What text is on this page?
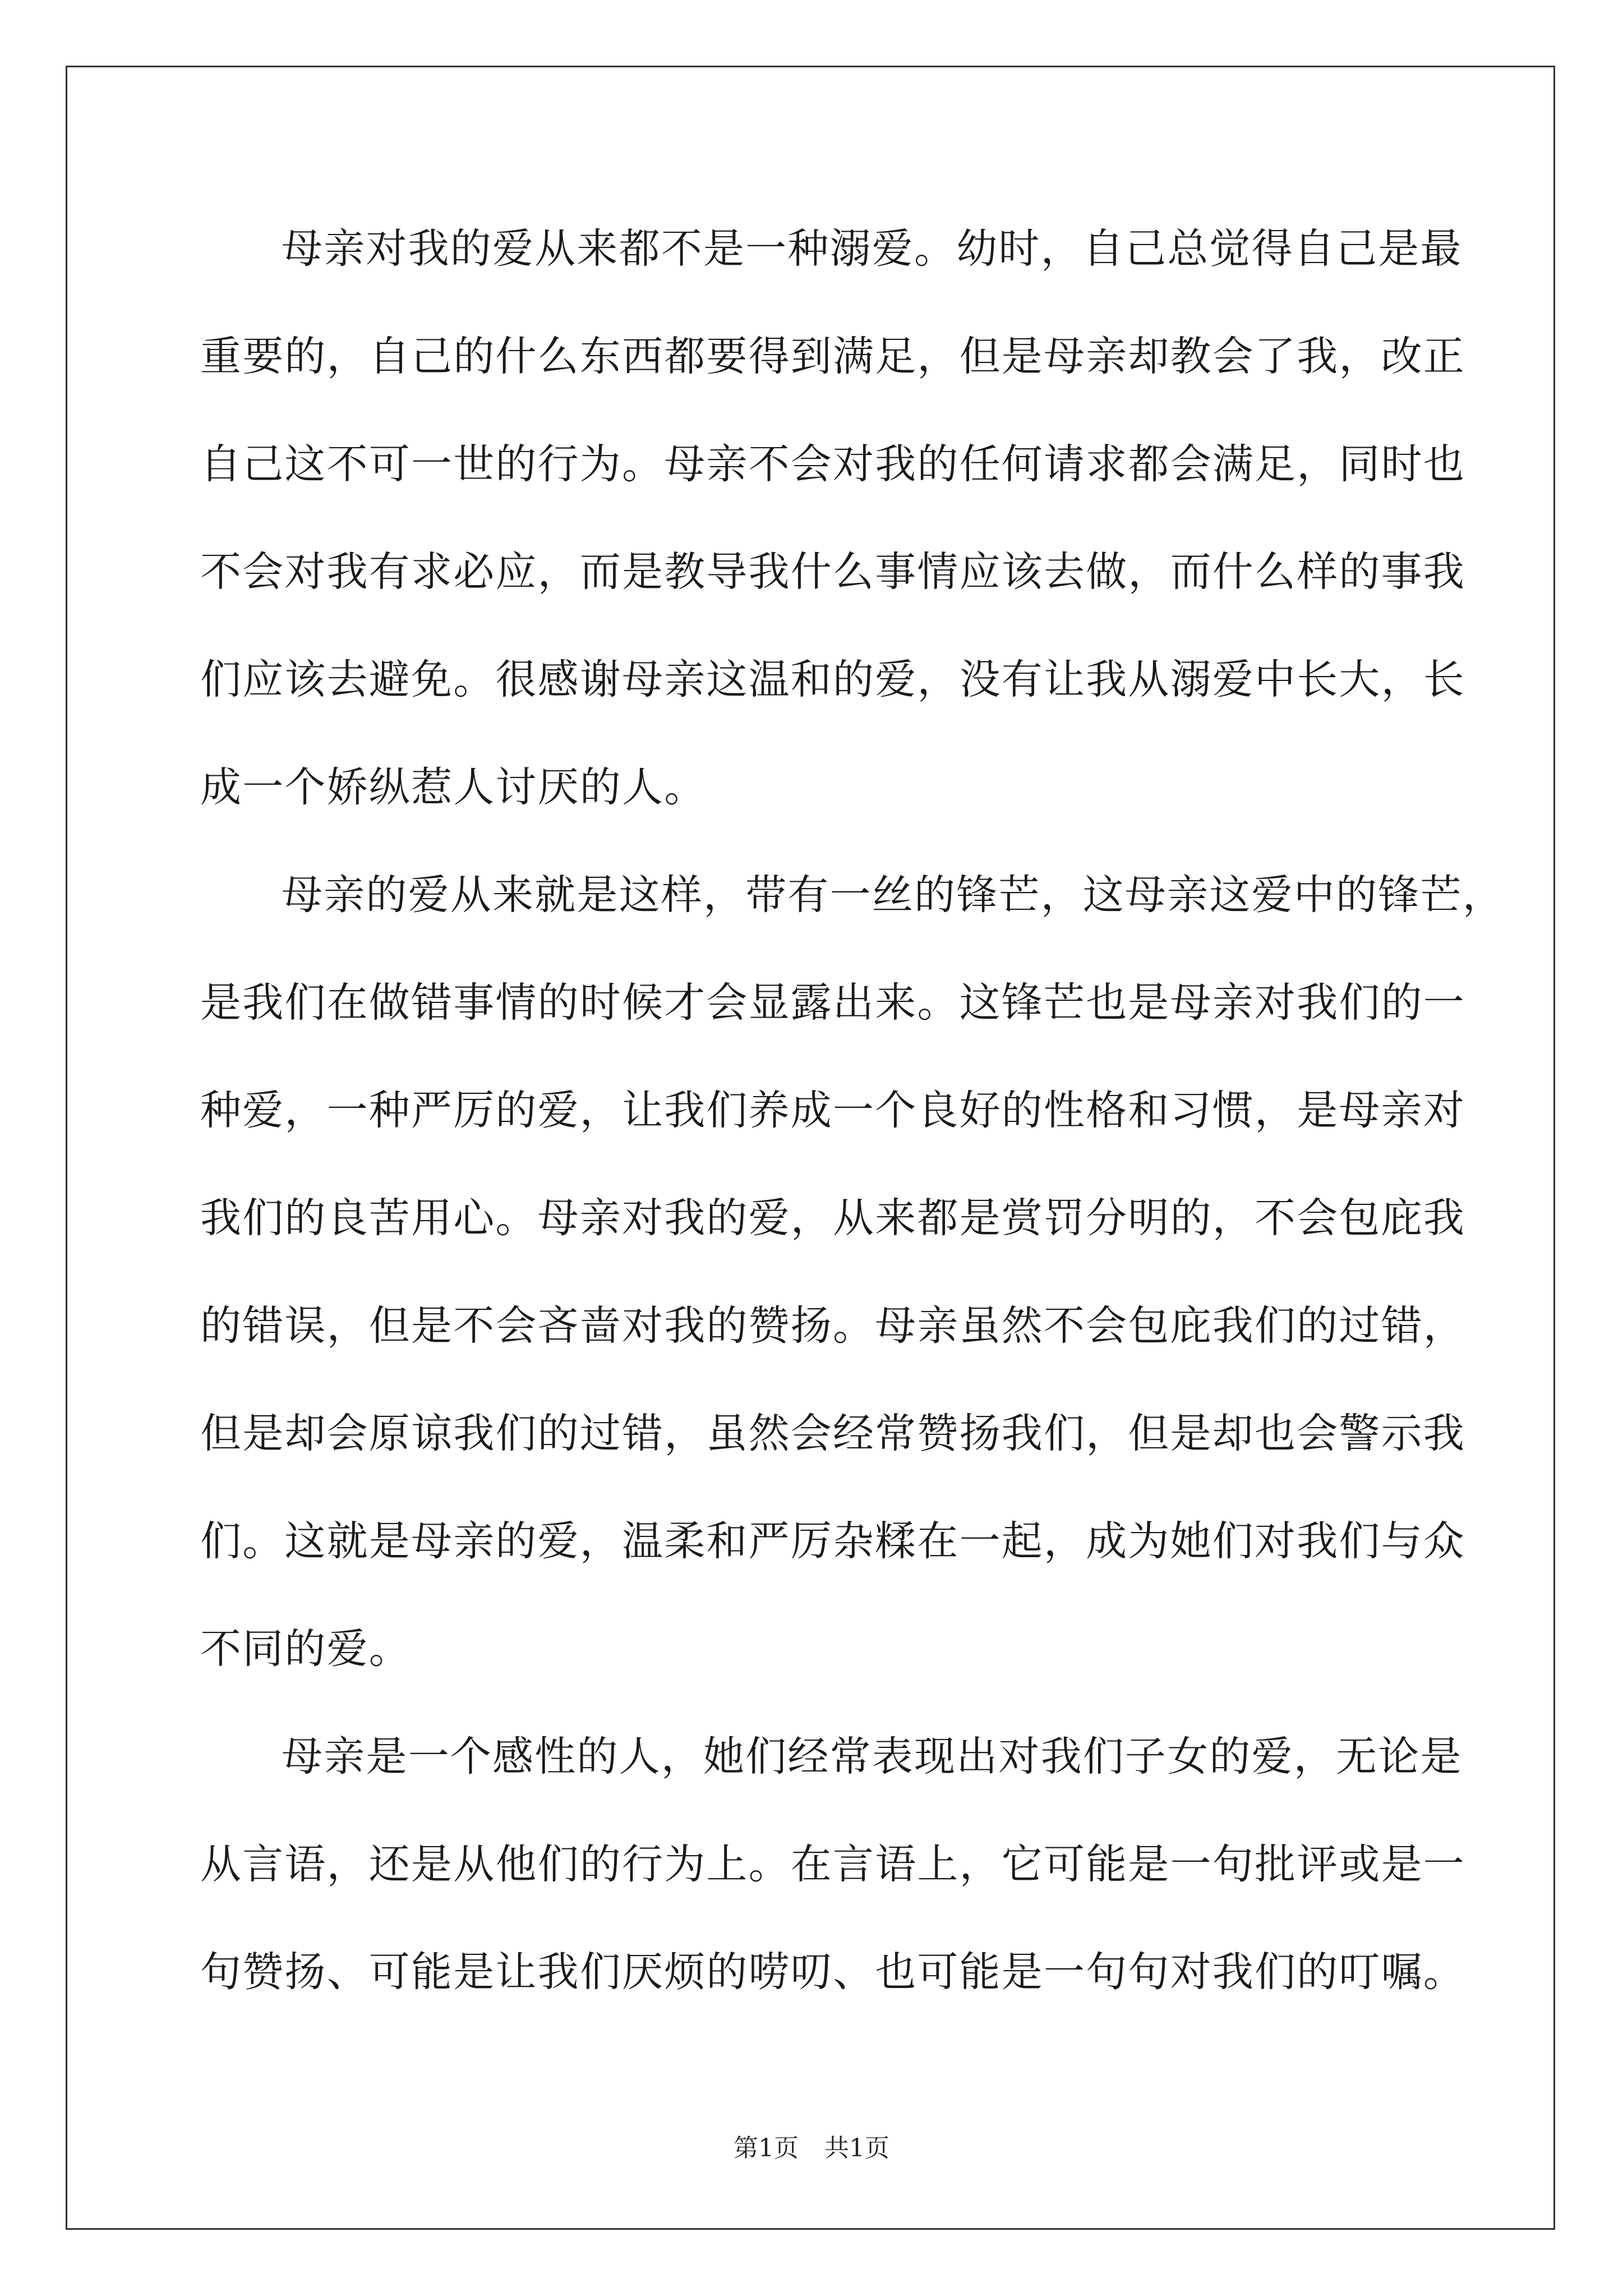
母亲对我的爱从来都不是一种溺爱。幼时，自己总觉得自己是最

重要的，自己的什么东西都要得到满足，但是母亲却教会了我，改正

自己这不可一世的行为。母亲不会对我的任何请求都会满足，同时也

不会对我有求必应，而是教导我什么事情应该去做，而什么样的事我

们应该去避免。很感谢母亲这温和的爱，没有让我从溺爱中长大，长

成一个娇纵惹人讨厌的人。

母亲的爱从来就是这样，带有一丝的锋芒，这母亲这爱中的锋芒，

是我们在做错事情的时候才会显露出来。这锋芒也是母亲对我们的一

种爱，一种严厉的爱，让我们养成一个良好的性格和习惯，是母亲对

我们的良苦用心。母亲对我的爱，从来都是赏罚分明的，不会包庇我

的错误，但是不会吝啬对我的赞扬。母亲虽然不会包庇我们的过错，

但是却会原谅我们的过错，虽然会经常赞扬我们，但是却也会警示我

们。这就是母亲的爱，温柔和严厉杂糅在一起，成为她们对我们与众

不同的爱。

母亲是一个感性的人，她们经常表现出对我们子女的爱，无论是

从言语，还是从他们的行为上。在言语上，它可能是一句批评或是一

句赞扬、可能是让我们厌烦的唠叨、也可能是一句句对我们的叮嘱。

第1页 共1页
